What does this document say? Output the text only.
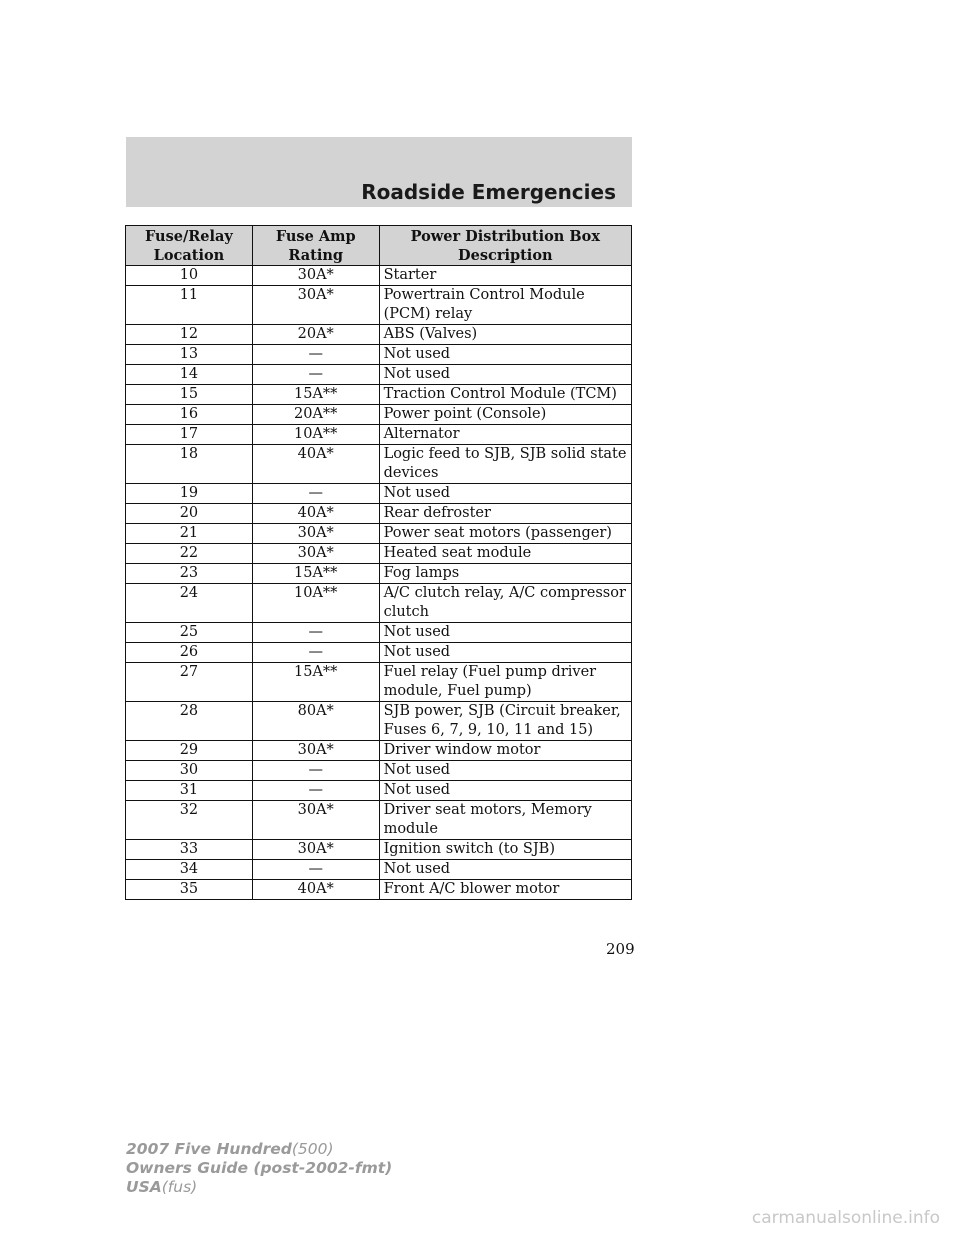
Roadside Emergencies
Fuse/Relay Location	Fuse Amp Rating	Power Distribution Box Description
10	30A*	Starter
11	30A*	Powertrain Control Module (PCM) relay
12	20A*	ABS (Valves)
13	—	Not used
14	—	Not used
15	15A**	Traction Control Module (TCM)
16	20A**	Power point (Console)
17	10A**	Alternator
18	40A*	Logic feed to SJB, SJB solid state devices
19	—	Not used
20	40A*	Rear defroster
21	30A*	Power seat motors (passenger)
22	30A*	Heated seat module
23	15A**	Fog lamps
24	10A**	A/C clutch relay, A/C compressor clutch
25	—	Not used
26	—	Not used
27	15A**	Fuel relay (Fuel pump driver module, Fuel pump)
28	80A*	SJB power, SJB (Circuit breaker, Fuses 6, 7, 9, 10, 11 and 15)
29	30A*	Driver window motor
30	—	Not used
31	—	Not used
32	30A*	Driver seat motors, Memory module
33	30A*	Ignition switch (to SJB)
34	—	Not used
35	40A*	Front A/C blower motor
209
2007 Five Hundred(500)
Owners Guide (post-2002-fmt)
USA(fus)
carmanualsonline.info
